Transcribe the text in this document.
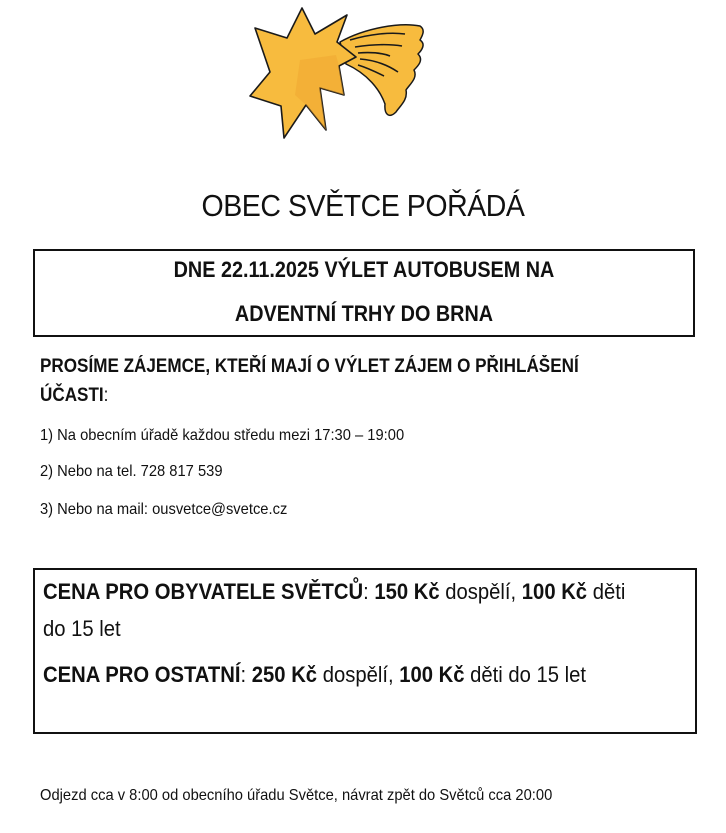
OBEC SVĚTCE POŘÁDÁ
DNE 22.11.2025 VÝLET AUTOBUSEM NA
ADVENTNÍ TRHY DO BRNA
PROSÍME ZÁJEMCE, KTEŘÍ MAJÍ O VÝLET ZÁJEM O PŘIHLÁŠENÍ ÚČASTI:
1) Na obecním úřadě každou středu mezi 17:30 – 19:00
2) Nebo na tel. 728 817 539
3) Nebo na mail: ousvetce@svetce.cz
CENA PRO OBYVATELE SVĚTCŮ: 150 Kč dospělí, 100 Kč děti do 15 let
CENA PRO OSTATNÍ: 250 Kč dospělí, 100 Kč děti do 15 let
Odjezd cca v 8:00 od obecního úřadu Světce, návrat zpět do Světců cca 20:00
